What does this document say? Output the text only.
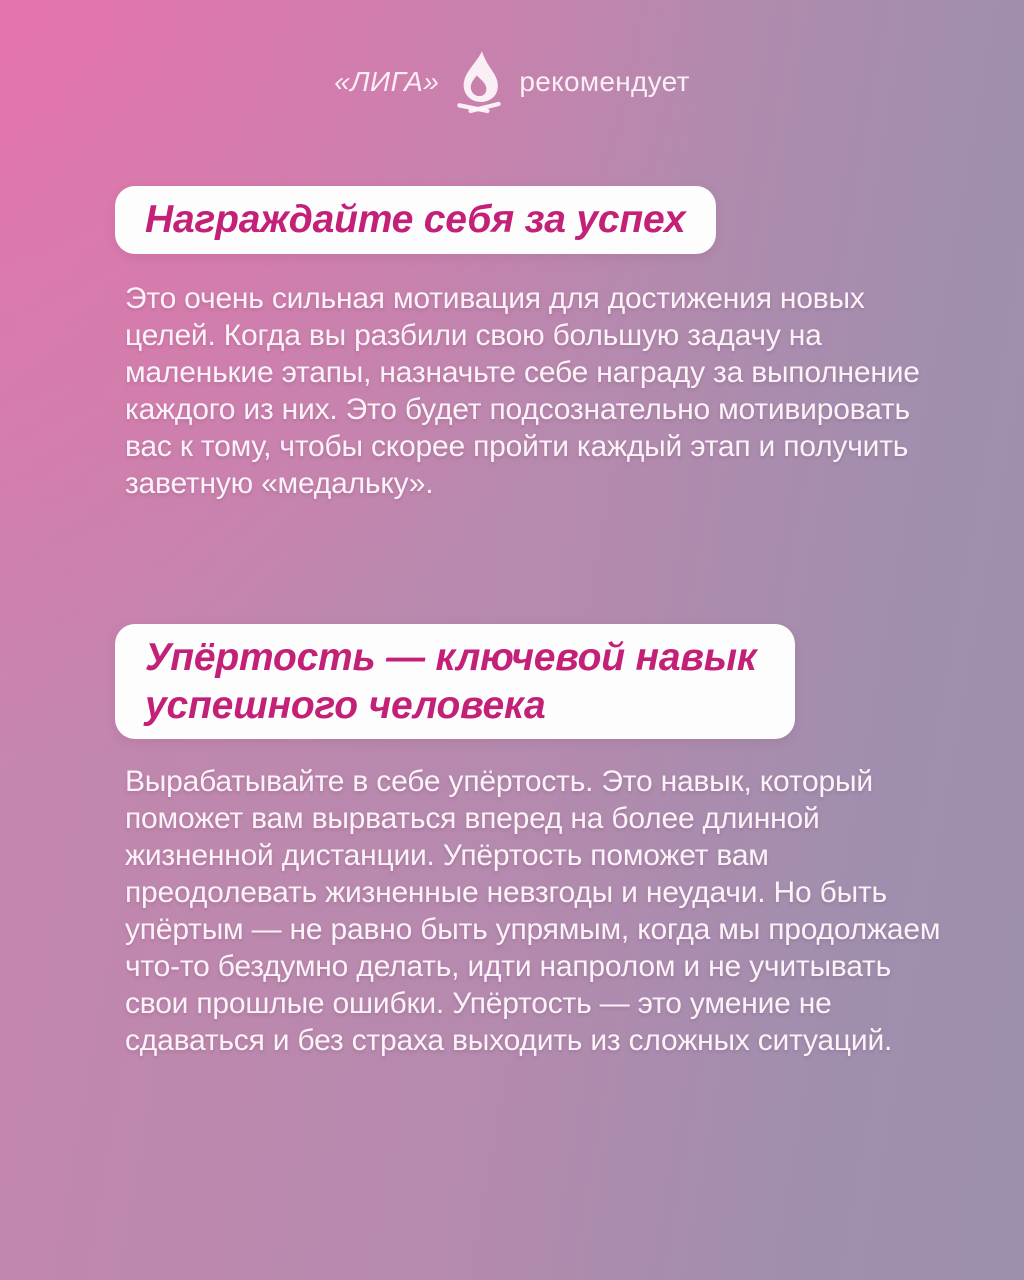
«ЛИГА»	рекомендует
Награждайте себя за успех
Это очень сильная мотивация для достижения новых целей. Когда вы разбили свою большую задачу на маленькие этапы, назначьте себе награду за выполнение каждого из них. Это будет подсознательно мотивировать вас к тому, чтобы скорее пройти каждый этап и получить заветную «медальку».
Упёртость — ключевой навык успешного человека
Вырабатывайте в себе упёртость. Это навык, который поможет вам вырваться вперед на более длинной жизненной дистанции. Упёртость поможет вам преодолевать жизненные невзгоды и неудачи. Но быть упёртым — не равно быть упрямым, когда мы продолжаем что-то бездумно делать, идти напролом и не учитывать свои прошлые ошибки. Упёртость — это умение не сдаваться и без страха выходить из сложных ситуаций.
